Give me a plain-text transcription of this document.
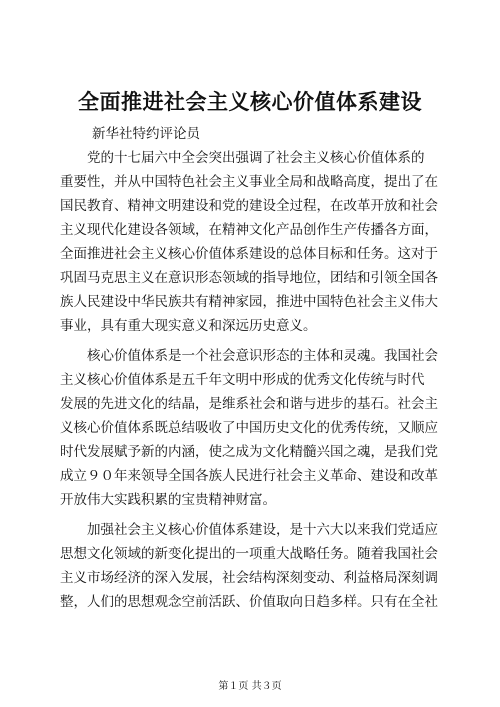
全面推进社会主义核心价值体系建设
新华社特约评论员
党的十七届六中全会突出强调了社会主义核心价值体系的
重要性，并从中国特色社会主义事业全局和战略高度，提出了在
国民教育、精神文明建设和党的建设全过程，在改革开放和社会
主义现代化建设各领域，在精神文化产品创作生产传播各方面，
全面推进社会主义核心价值体系建设的总体目标和任务。这对于
巩固马克思主义在意识形态领域的指导地位，团结和引领全国各
族人民建设中华民族共有精神家园，推进中国特色社会主义伟大
事业，具有重大现实意义和深远历史意义。
核心价值体系是一个社会意识形态的主体和灵魂。我国社会
主义核心价值体系是五千年文明中形成的优秀文化传统与时代
发展的先进文化的结晶，是维系社会和谐与进步的基石。社会主
义核心价值体系既总结吸收了中国历史文化的优秀传统，又顺应
时代发展赋予新的内涵，使之成为文化精髓兴国之魂，是我们党
成立９０年来领导全国各族人民进行社会主义革命、建设和改革
开放伟大实践积累的宝贵精神财富。
加强社会主义核心价值体系建设，是十六大以来我们党适应
思想文化领域的新变化提出的一项重大战略任务。随着我国社会
主义市场经济的深入发展，社会结构深刻变动、利益格局深刻调
整，人们的思想观念空前活跃、价值取向日趋多样。只有在全社
第１页 共３页
